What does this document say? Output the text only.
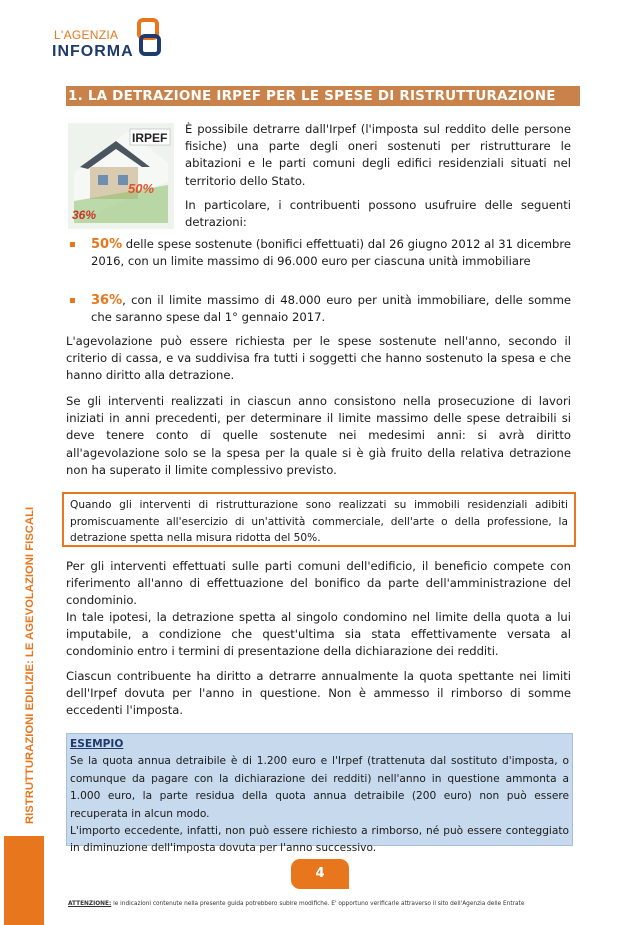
L'AGENZIA
INFORMA
RISTRUTTURAZIONI EDILIZIE: LE AGEVOLAZIONI FISCALI
1. LA DETRAZIONE IRPEF PER LE SPESE DI RISTRUTTURAZIONE
IRPEF
50%
36%

È possibile detrarre dall'Irpef (l'imposta sul reddito delle persone fisiche) una parte degli oneri sostenuti per ristrutturare le abitazioni e le parti comuni degli edifici residenziali situati nel territorio dello Stato.

In particolare, i contribuenti possono usufruire delle seguenti detrazioni:

50% delle spese sostenute (bonifici effettuati) dal 26 giugno 2012 al 31 dicembre 2016, con un limite massimo di 96.000 euro per ciascuna unità immobiliare
36%, con il limite massimo di 48.000 euro per unità immobiliare, delle somme che saranno spese dal 1° gennaio 2017.

L'agevolazione può essere richiesta per le spese sostenute nell'anno, secondo il criterio di cassa, e va suddivisa fra tutti i soggetti che hanno sostenuto la spesa e che hanno diritto alla detrazione.

Se gli interventi realizzati in ciascun anno consistono nella prosecuzione di lavori iniziati in anni precedenti, per determinare il limite massimo delle spese detraibili si deve tenere conto di quelle sostenute nei medesimi anni: si avrà diritto all'agevolazione solo se la spesa per la quale si è già fruito della relativa detrazione non ha superato il limite complessivo previsto.

Quando gli interventi di ristrutturazione sono realizzati su immobili residenziali adibiti promiscuamente all'esercizio di un'attività commerciale, dell'arte o della professione, la detrazione spetta nella misura ridotta del 50%.

Per gli interventi effettuati sulle parti comuni dell'edificio, il beneficio compete con riferimento all'anno di effettuazione del bonifico da parte dell'amministrazione del condominio.

In tale ipotesi, la detrazione spetta al singolo condomino nel limite della quota a lui imputabile, a condizione che quest'ultima sia stata effettivamente versata al condominio entro i termini di presentazione della dichiarazione dei redditi.

Ciascun contribuente ha diritto a detrarre annualmente la quota spettante nei limiti dell'Irpef dovuta per l'anno in questione. Non è ammesso il rimborso di somme eccedenti l'imposta.

ESEMPIO
Se la quota annua detraibile è di 1.200 euro e l'Irpef (trattenuta dal sostituto d'imposta, o comunque da pagare con la dichiarazione dei redditi) nell'anno in questione ammonta a 1.000 euro, la parte residua della quota annua detraibile (200 euro) non può essere recuperata in alcun modo.
L'importo eccedente, infatti, non può essere richiesto a rimborso, né può essere conteggiato in diminuzione dell'imposta dovuta per l'anno successivo.
4
ATTENZIONE: le indicazioni contenute nella presente guida potrebbero subire modifiche. E' opportuno verificarle attraverso il sito dell'Agenzia delle Entrate
